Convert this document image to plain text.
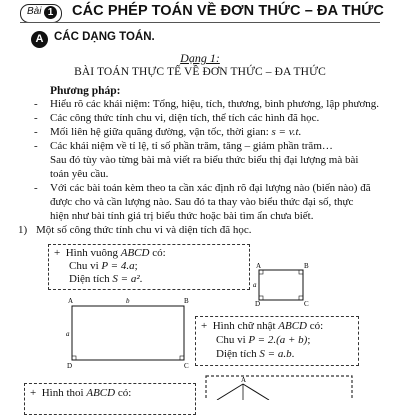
Bài 1 CÁC PHÉP TOÁN VỀ ĐƠN THỨC – ĐA THỨC
A CÁC DẠNG TOÁN.
Dạng 1:
BÀI TOÁN THỰC TẾ VỀ ĐƠN THỨC – ĐA THỨC
Phương pháp:
- Hiểu rõ các khái niệm: Tổng, hiệu, tích, thương, bình phương, lập phương.
- Các công thức tính chu vi, diện tích, thể tích các hình đã học.
- Mối liên hệ giữa quãng đường, vận tốc, thời gian: s = v.t.
- Các khái niệm về tỉ lệ, tỉ số phần trăm, tăng – giảm phần trăm…
Sau đó tùy vào từng bài mà viết ra biểu thức biểu thị đại lượng mà bài
toán yêu cầu.
- Với các bài toán kèm theo ta cần xác định rõ đại lượng nào (biến nào) đã
được cho và cần lượng nào. Sau đó ta thay vào biểu thức đại số, thực
hiện như bài tính giá trị biểu thức hoặc bài tìm ẩn chưa biết.
1) Một số công thức tính chu vi và diện tích đã học.
+ Hình vuông ABCD có:
Chu vi P = 4.a;
Diện tích S = a².
A	B
C
D
a
A	B
C
D
a
b
+ Hình chữ nhật ABCD có:
Chu vi P = 2.(a + b);
Diện tích S = a.b.
+ Hình thoi ABCD có:
A
